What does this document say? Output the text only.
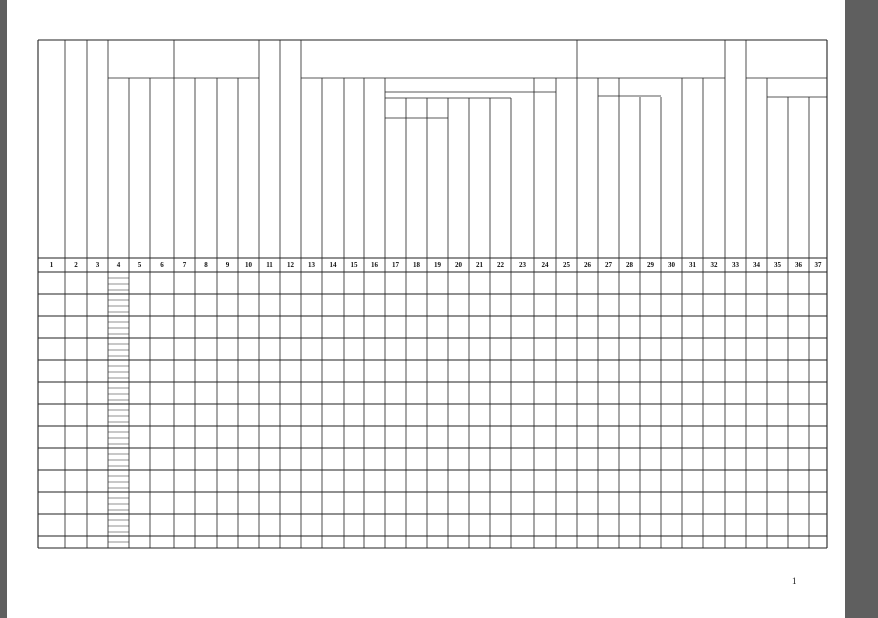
1	2	3	4	5	6	7	8	9	10	11	12	13	14	15	16	17	18	19	20	21	22	23	24	25	26	27	28	29	30	31	32	33	34	35	36	37
1
